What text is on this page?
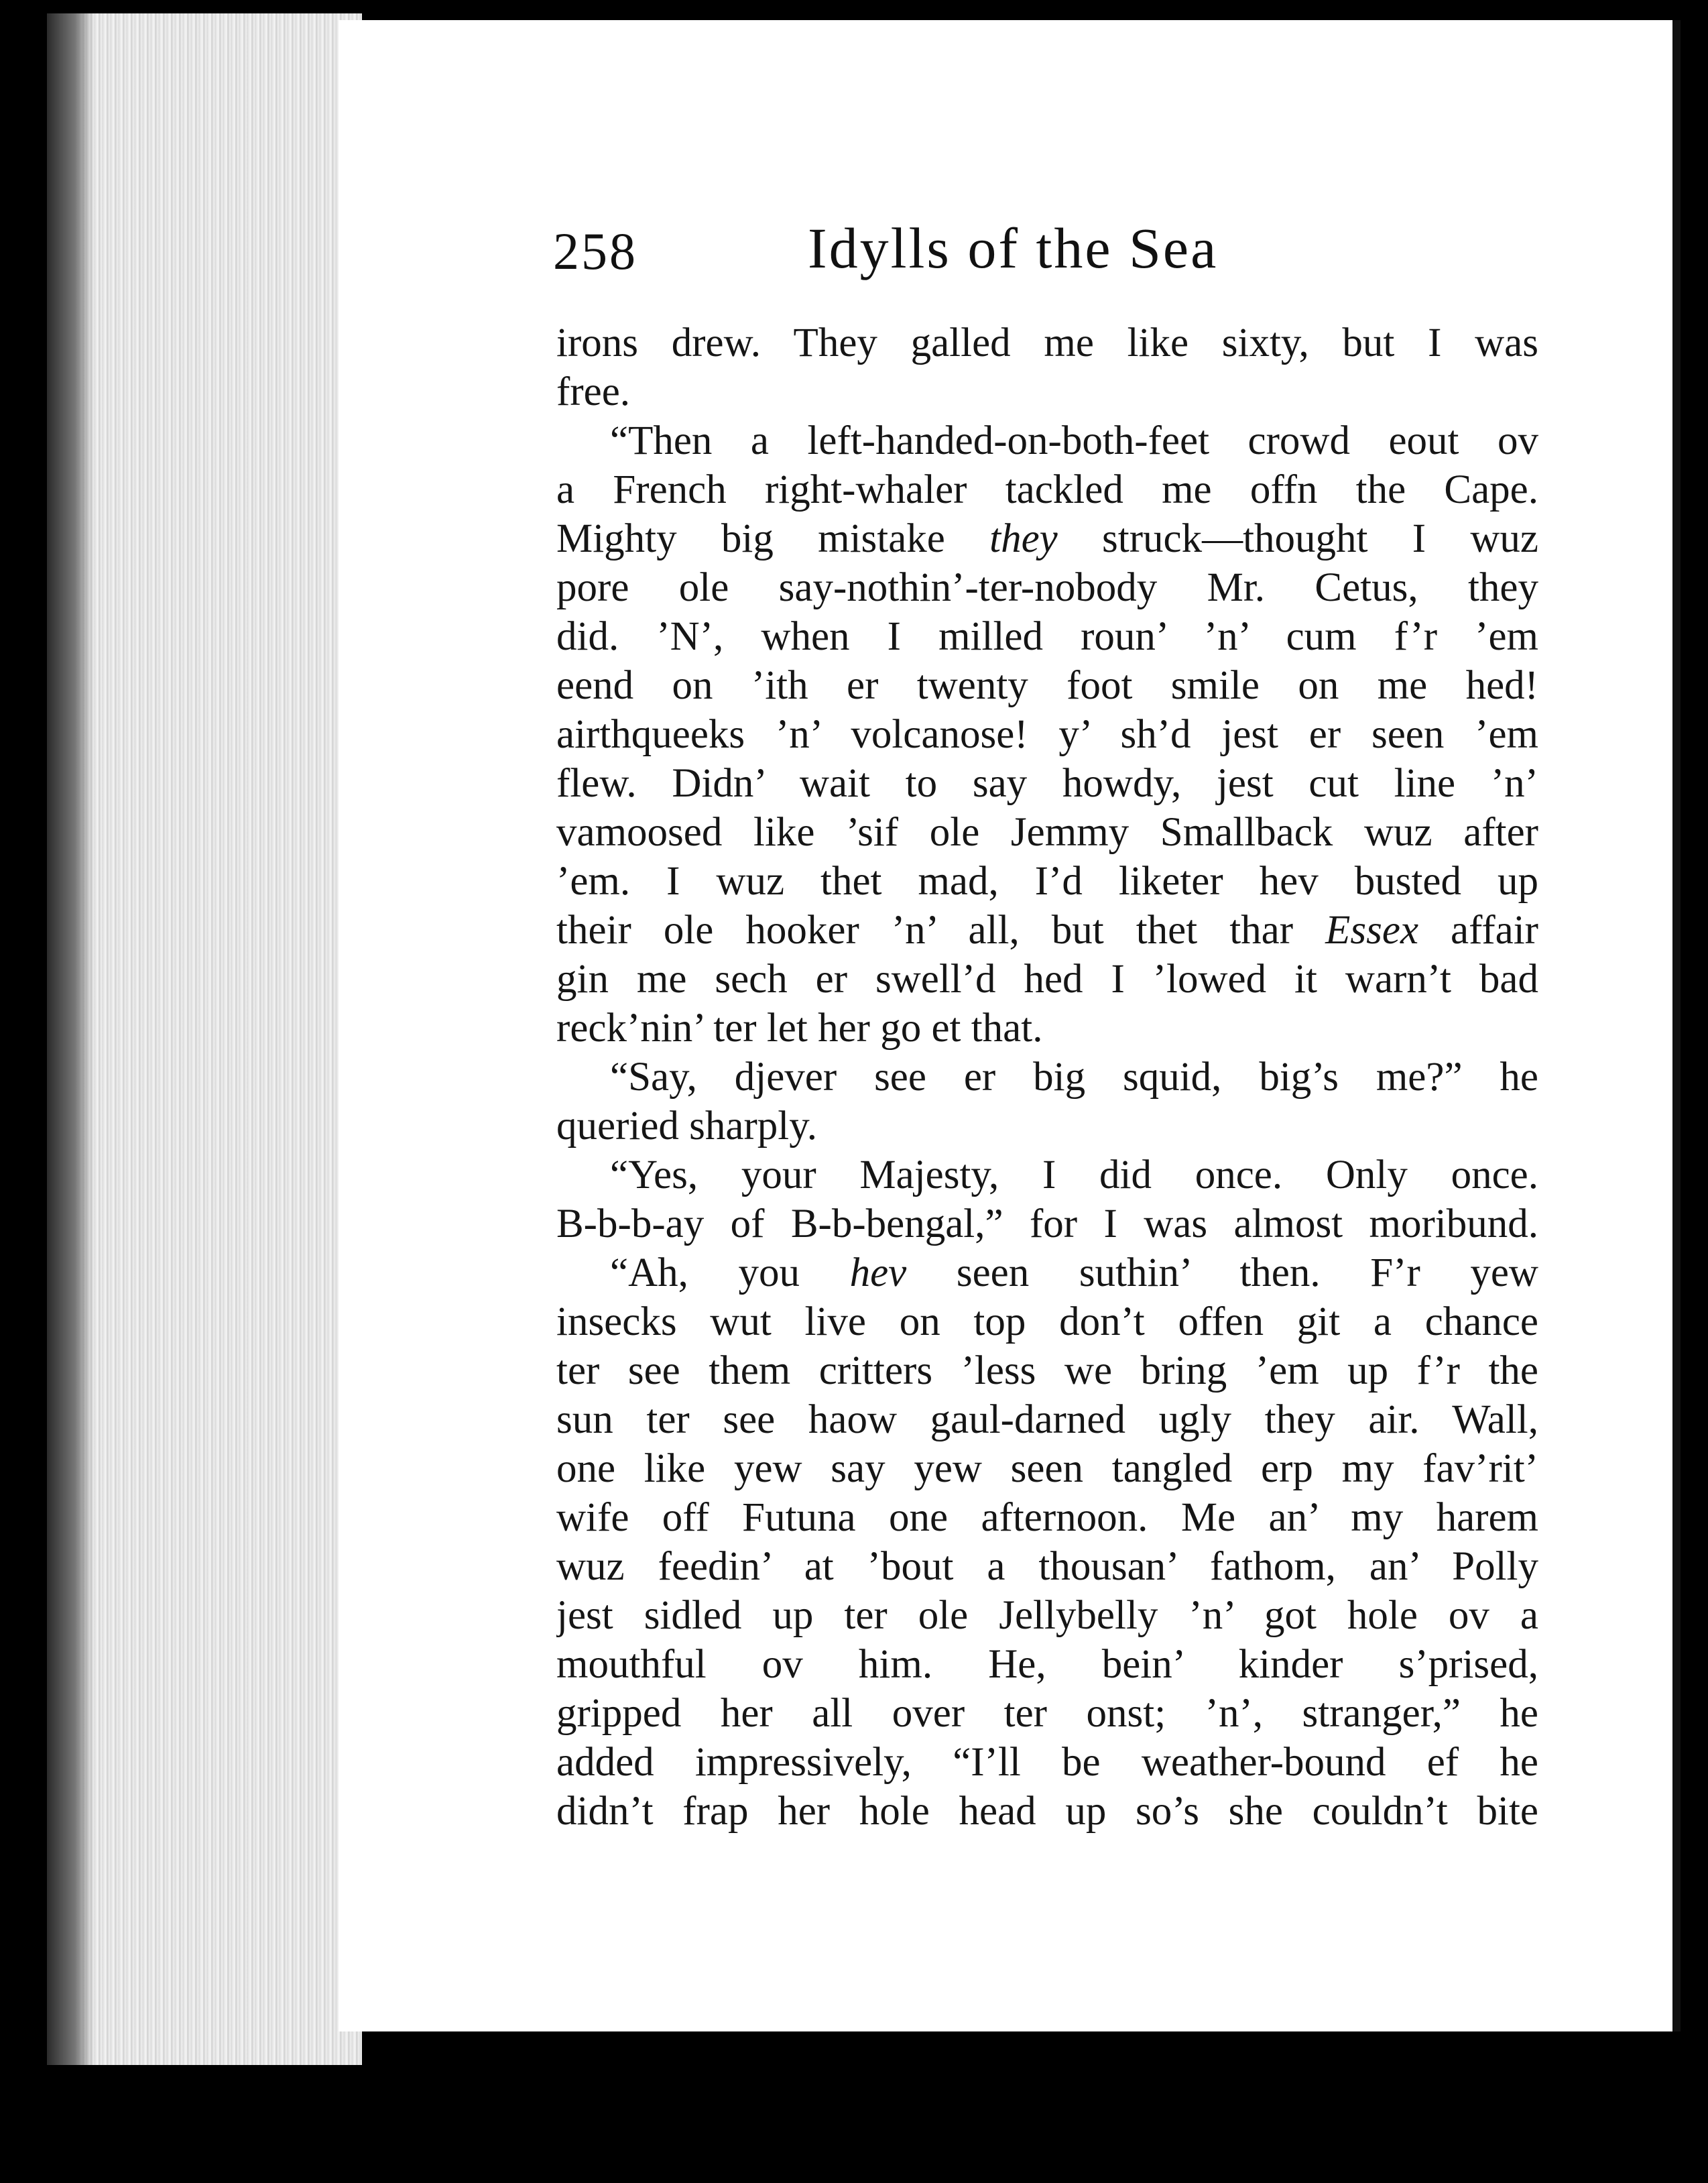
258	Idylls of the Sea
irons drew. They galled me like sixty, but I was
free.
“Then a left-handed-on-both-feet crowd eout ov
a French right-whaler tackled me offn the Cape.
Mighty big mistake they struck—thought I wuz
pore ole say-nothin’-ter-nobody Mr. Cetus, they
did. ’N’, when I milled roun’ ’n’ cum f’r ’em
eend on ’ith er twenty foot smile on me hed!
airthqueeks ’n’ volcanose! y’ sh’d jest er seen ’em
flew. Didn’ wait to say howdy, jest cut line ’n’
vamoosed like ’sif ole Jemmy Smallback wuz after
’em. I wuz thet mad, I’d liketer hev busted up
their ole hooker ’n’ all, but thet thar Essex affair
gin me sech er swell’d hed I ’lowed it warn’t bad
reck’nin’ ter let her go et that.
“Say, djever see er big squid, big’s me?” he
queried sharply.
“Yes, your Majesty, I did once. Only once.
B-b-b-ay of B-b-bengal,” for I was almost moribund.
“Ah, you hev seen suthin’ then. F’r yew
insecks wut live on top don’t offen git a chance
ter see them critters ’less we bring ’em up f’r the
sun ter see haow gaul-darned ugly they air. Wall,
one like yew say yew seen tangled erp my fav’rit’
wife off Futuna one afternoon. Me an’ my harem
wuz feedin’ at ’bout a thousan’ fathom, an’ Polly
jest sidled up ter ole Jellybelly ’n’ got hole ov a
mouthful ov him. He, bein’ kinder s’prised,
gripped her all over ter onst; ’n’, stranger,” he
added impressively, “I’ll be weather-bound ef he
didn’t frap her hole head up so’s she couldn’t bite
